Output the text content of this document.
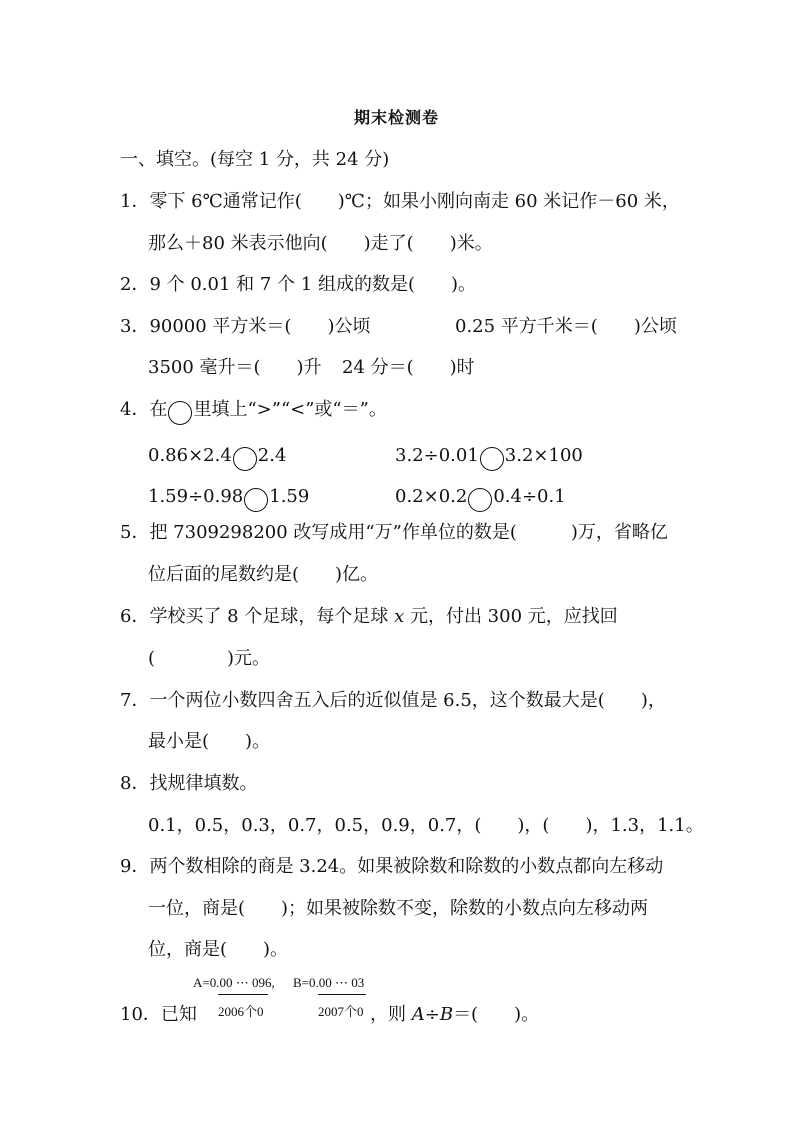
期末检测卷
一、填空。(每空 1 分，共 24 分)
1．零下 6℃通常记作(　　)℃；如果小刚向南走 60 米记作－60 米，
那么＋80 米表示他向(　　)走了(　　)米。
2．9 个 0.01 和 7 个 1 组成的数是(　　)。
3．90000 平方米＝(　　)公顷	0.25 平方千米＝(　　)公顷
3500 毫升＝(　　)升 24 分＝(　　)时
4．在 里填上“>”“<”或“＝”。
0.86×2.4 2.4	3.2÷0.01 3.2×100
1.59÷0.98 1.59	0.2×0.2 0.4÷0.1
5．把 7309298200 改写成用“万”作单位的数是(　　　)万，省略亿
位后面的尾数约是(　　)亿。
6．学校买了 8 个足球，每个足球 x 元，付出 300 元，应找回
(　　　　)元。
7．一个两位小数四舍五入后的近似值是 6.5，这个数最大是(　　)，
最小是(　　)。
8．找规律填数。
0.1，0.5，0.3，0.7，0.5，0.9，0.7，(　　)，(　　)，1.3，1.1。
9．两个数相除的商是 3.24。如果被除数和除数的小数点都向左移动
一位，商是(　　)；如果被除数不变，除数的小数点向左移动两
位，商是(　　)。
A=0.00 ⋯ 096, B=0.00 ⋯ 03
2006个0	2007个0
10．已知	，则 A÷B＝(　　)。
